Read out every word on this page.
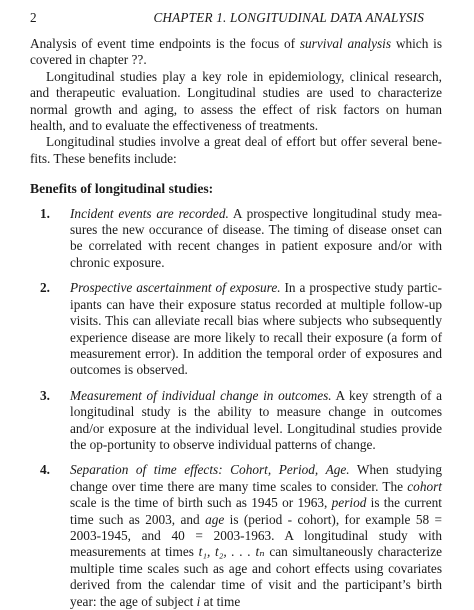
2	CHAPTER 1. LONGITUDINAL DATA ANALYSIS

Analysis of event time endpoints is the focus of survival analysis which is covered in chapter ??.

Longitudinal studies play a key role in epidemiology, clinical research, and therapeutic evaluation. Longitudinal studies are used to characterize normal growth and aging, to assess the effect of risk factors on human health, and to evaluate the effectiveness of treatments.

Longitudinal studies involve a great deal of effort but offer several bene-fits. These benefits include:

Benefits of longitudinal studies:
1. Incident events are recorded. A prospective longitudinal study mea-sures the new occurance of disease. The timing of disease onset can be correlated with recent changes in patient exposure and/or with chronic exposure.
2. Prospective ascertainment of exposure. In a prospective study partic-ipants can have their exposure status recorded at multiple follow-up visits. This can alleviate recall bias where subjects who subsequently experience disease are more likely to recall their exposure (a form of measurement error). In addition the temporal order of exposures and outcomes is observed.
3. Measurement of individual change in outcomes. A key strength of a longitudinal study is the ability to measure change in outcomes and/or exposure at the individual level. Longitudinal studies provide the op-portunity to observe individual patterns of change.
4. Separation of time effects: Cohort, Period, Age. When studying change over time there are many time scales to consider. The cohort scale is the time of birth such as 1945 or 1963, period is the current time such as 2003, and age is (period - cohort), for example 58 = 2003-1945, and 40 = 2003-1963. A longitudinal study with measurements at times t₁, t₂, . . . tₙ can simultaneously characterize multiple time scales such as age and cohort effects using covariates derived from the calendar time of visit and the participant’s birth year: the age of subject i at time
